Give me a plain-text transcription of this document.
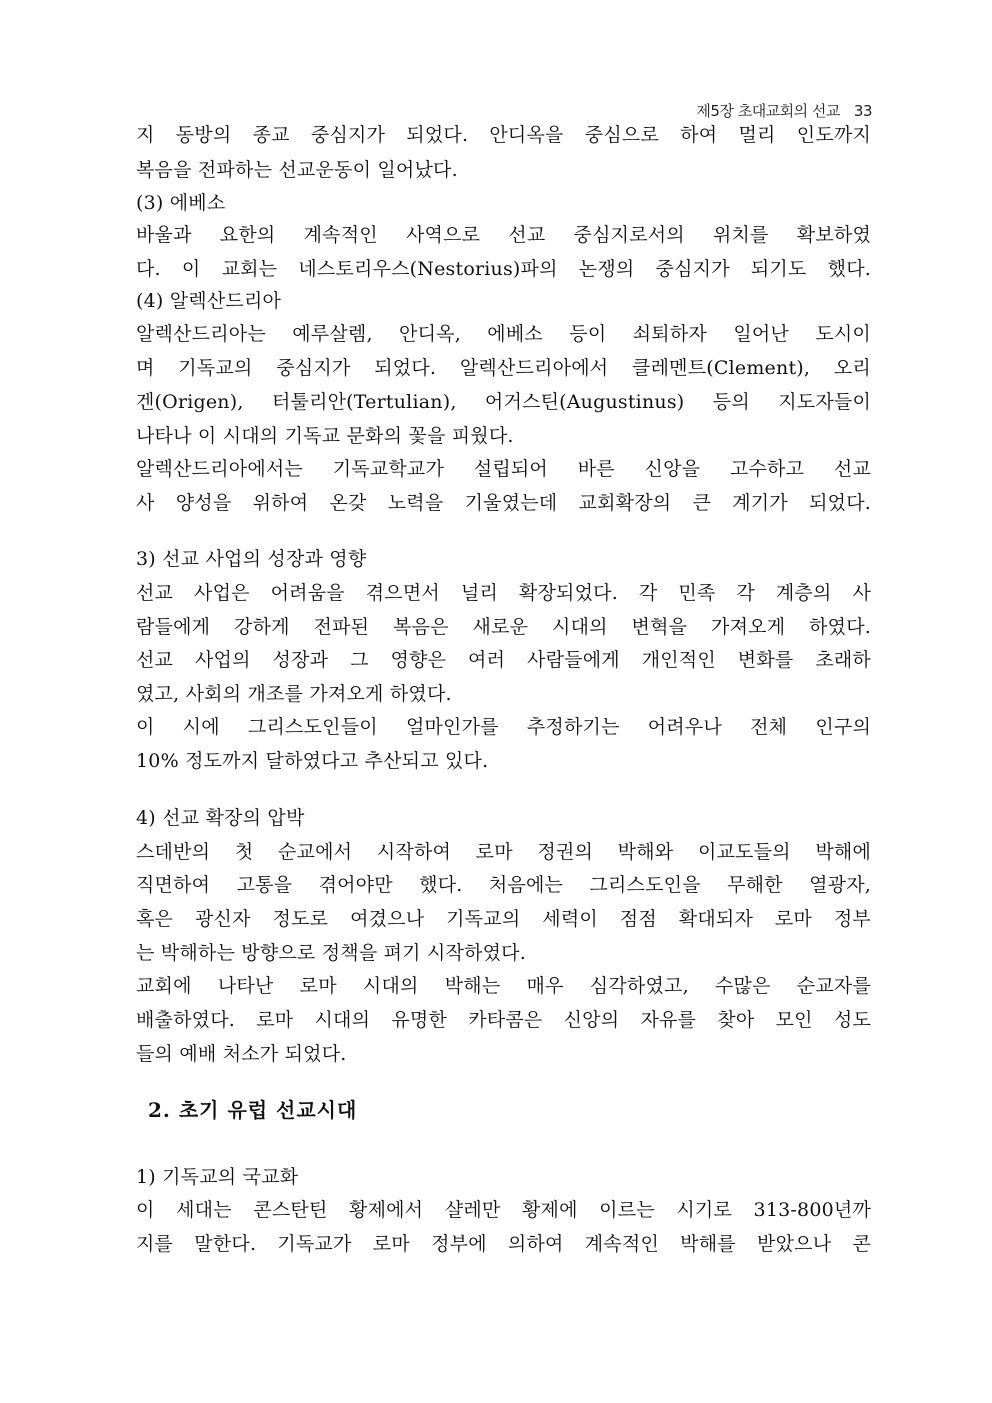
제5장 초대교회의 선교 33
지 동방의 종교 중심지가 되었다. 안디옥을 중심으로 하여 멀리 인도까지
복음을 전파하는 선교운동이 일어났다.
(3) 에베소
바울과 요한의 계속적인 사역으로 선교 중심지로서의 위치를 확보하였
다. 이 교회는 네스토리우스(Nestorius)파의 논쟁의 중심지가 되기도 했다.
(4) 알렉산드리아
알렉산드리아는 예루살렘, 안디옥, 에베소 등이 쇠퇴하자 일어난 도시이
며 기독교의 중심지가 되었다. 알렉산드리아에서 클레멘트(Clement), 오리
겐(Origen), 터툴리안(Tertulian), 어거스틴(Augustinus) 등의 지도자들이
나타나 이 시대의 기독교 문화의 꽃을 피웠다.
알렉산드리아에서는 기독교학교가 설립되어 바른 신앙을 고수하고 선교
사 양성을 위하여 온갖 노력을 기울였는데 교회확장의 큰 계기가 되었다.
3) 선교 사업의 성장과 영향
선교 사업은 어려움을 겪으면서 널리 확장되었다. 각 민족 각 계층의 사
람들에게 강하게 전파된 복음은 새로운 시대의 변혁을 가져오게 하였다.
선교 사업의 성장과 그 영향은 여러 사람들에게 개인적인 변화를 초래하
였고, 사회의 개조를 가져오게 하였다.
이 시에 그리스도인들이 얼마인가를 추정하기는 어려우나 전체 인구의
10% 정도까지 달하였다고 추산되고 있다.
4) 선교 확장의 압박
스데반의 첫 순교에서 시작하여 로마 정권의 박해와 이교도들의 박해에
직면하여 고통을 겪어야만 했다. 처음에는 그리스도인을 무해한 열광자,
혹은 광신자 정도로 여겼으나 기독교의 세력이 점점 확대되자 로마 정부
는 박해하는 방향으로 정책을 펴기 시작하였다.
교회에 나타난 로마 시대의 박해는 매우 심각하였고, 수많은 순교자를
배출하였다. 로마 시대의 유명한 카타콤은 신앙의 자유를 찾아 모인 성도
들의 예배 처소가 되었다.
1) 기독교의 국교화
이 세대는 콘스탄틴 황제에서 샬레만 황제에 이르는 시기로 313-800년까
지를 말한다. 기독교가 로마 정부에 의하여 계속적인 박해를 받았으나 콘
2. 초기 유럽 선교시대
